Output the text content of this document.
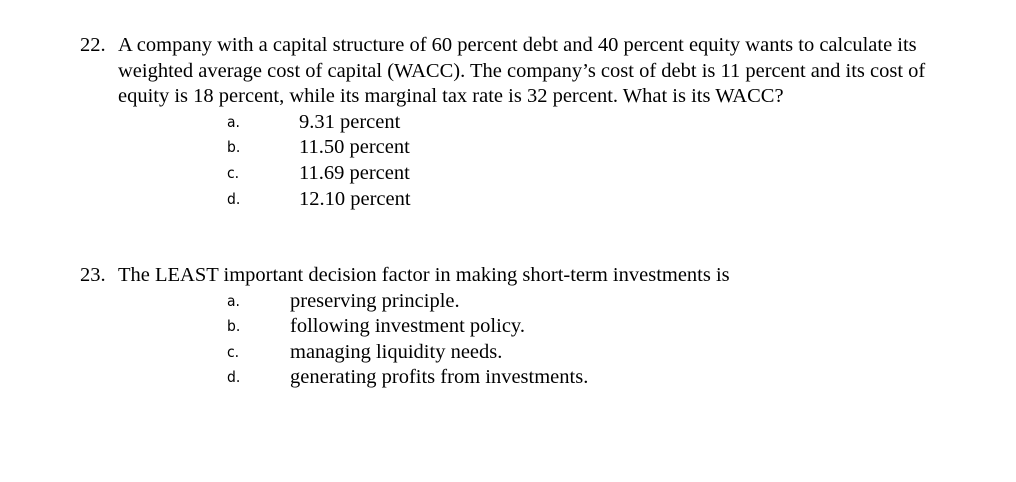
22. A company with a capital structure of 60 percent debt and 40 percent equity wants to calculate its
weighted average cost of capital (WACC). The company’s cost of debt is 11 percent and its cost of
equity is 18 percent, while its marginal tax rate is 32 percent. What is its WACC?
a.	9.31 percent
b.	11.50 percent
c.	11.69 percent
d.	12.10 percent
23. The LEAST important decision factor in making short-term investments is
a. preserving principle.
b. following investment policy.
c. managing liquidity needs.
d. generating profits from investments.
